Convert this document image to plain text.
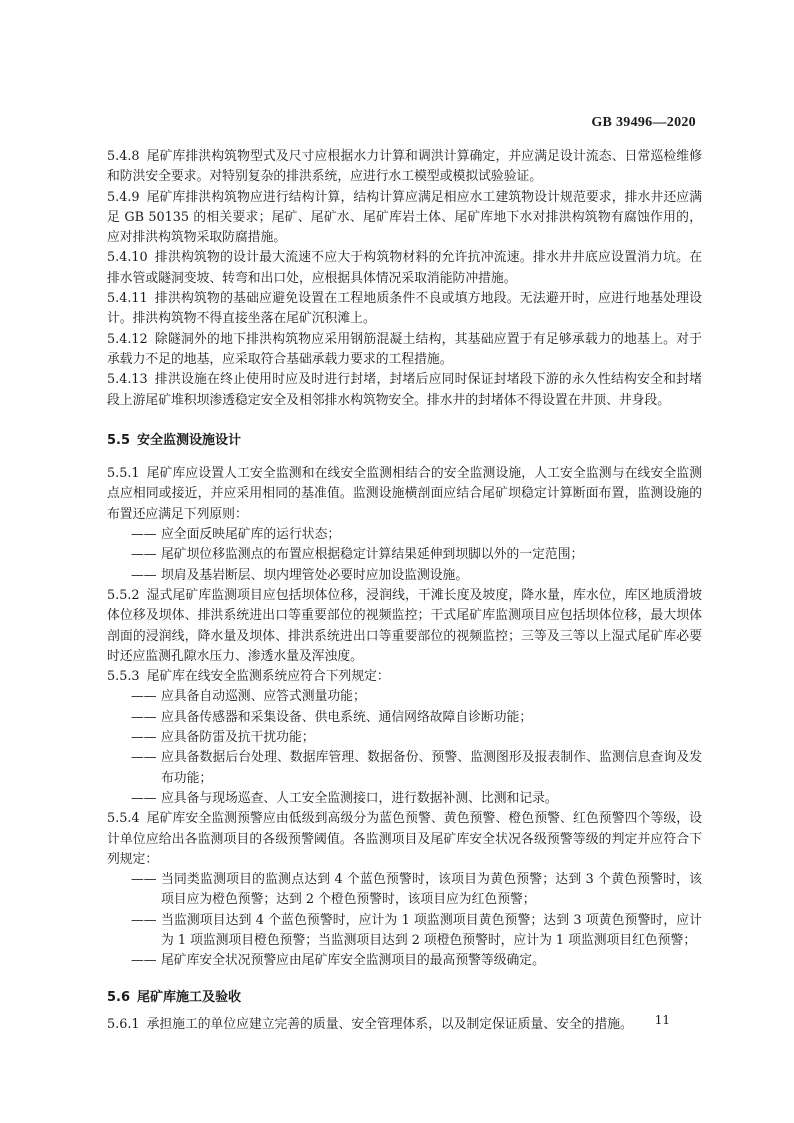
GB 39496—2020

5.4.8 尾矿库排洪构筑物型式及尺寸应根据水力计算和调洪计算确定，并应满足设计流态、日常巡检维修和防洪安全要求。对特别复杂的排洪系统，应进行水工模型或模拟试验验证。

5.4.9 尾矿库排洪构筑物应进行结构计算，结构计算应满足相应水工建筑物设计规范要求，排水井还应满足 GB 50135 的相关要求；尾矿、尾矿水、尾矿库岩土体、尾矿库地下水对排洪构筑物有腐蚀作用的，应对排洪构筑物采取防腐措施。

5.4.10 排洪构筑物的设计最大流速不应大于构筑物材料的允许抗冲流速。排水井井底应设置消力坑。在排水管或隧洞变坡、转弯和出口处，应根据具体情况采取消能防冲措施。

5.4.11 排洪构筑物的基础应避免设置在工程地质条件不良或填方地段。无法避开时，应进行地基处理设计。排洪构筑物不得直接坐落在尾矿沉积滩上。

5.4.12 除隧洞外的地下排洪构筑物应采用钢筋混凝土结构，其基础应置于有足够承载力的地基上。对于承载力不足的地基，应采取符合基础承载力要求的工程措施。

5.4.13 排洪设施在终止使用时应及时进行封堵，封堵后应同时保证封堵段下游的永久性结构安全和封堵段上游尾矿堆积坝渗透稳定安全及相邻排水构筑物安全。排水井的封堵体不得设置在井顶、井身段。

5.5 安全监测设施设计

5.5.1 尾矿库应设置人工安全监测和在线安全监测相结合的安全监测设施，人工安全监测与在线安全监测点应相同或接近，并应采用相同的基准值。监测设施横剖面应结合尾矿坝稳定计算断面布置，监测设施的布置还应满足下列原则：

—— 应全面反映尾矿库的运行状态；
—— 尾矿坝位移监测点的布置应根据稳定计算结果延伸到坝脚以外的一定范围；
—— 坝肩及基岩断层、坝内埋管处必要时应加设监测设施。

5.5.2 湿式尾矿库监测项目应包括坝体位移，浸润线，干滩长度及坡度，降水量，库水位，库区地质滑坡体位移及坝体、排洪系统进出口等重要部位的视频监控；干式尾矿库监测项目应包括坝体位移，最大坝体剖面的浸润线，降水量及坝体、排洪系统进出口等重要部位的视频监控；三等及三等以上湿式尾矿库必要时还应监测孔隙水压力、渗透水量及浑浊度。

5.5.3 尾矿库在线安全监测系统应符合下列规定：

—— 应具备自动巡测、应答式测量功能；
—— 应具备传感器和采集设备、供电系统、通信网络故障自诊断功能；
—— 应具备防雷及抗干扰功能；
—— 应具备数据后台处理、数据库管理、数据备份、预警、监测图形及报表制作、监测信息查询及发布功能；
—— 应具备与现场巡查、人工安全监测接口，进行数据补测、比测和记录。

5.5.4 尾矿库安全监测预警应由低级到高级分为蓝色预警、黄色预警、橙色预警、红色预警四个等级，设计单位应给出各监测项目的各级预警阈值。各监测项目及尾矿库安全状况各级预警等级的判定并应符合下列规定：

—— 当同类监测项目的监测点达到 4 个蓝色预警时，该项目为黄色预警；达到 3 个黄色预警时，该项目应为橙色预警；达到 2 个橙色预警时，该项目应为红色预警；
—— 当监测项目达到 4 个蓝色预警时，应计为 1 项监测项目黄色预警；达到 3 项黄色预警时，应计为 1 项监测项目橙色预警；当监测项目达到 2 项橙色预警时，应计为 1 项监测项目红色预警；
—— 尾矿库安全状况预警应由尾矿库安全监测项目的最高预警等级确定。

5.6 尾矿库施工及验收

5.6.1 承担施工的单位应建立完善的质量、安全管理体系，以及制定保证质量、安全的措施。	11
